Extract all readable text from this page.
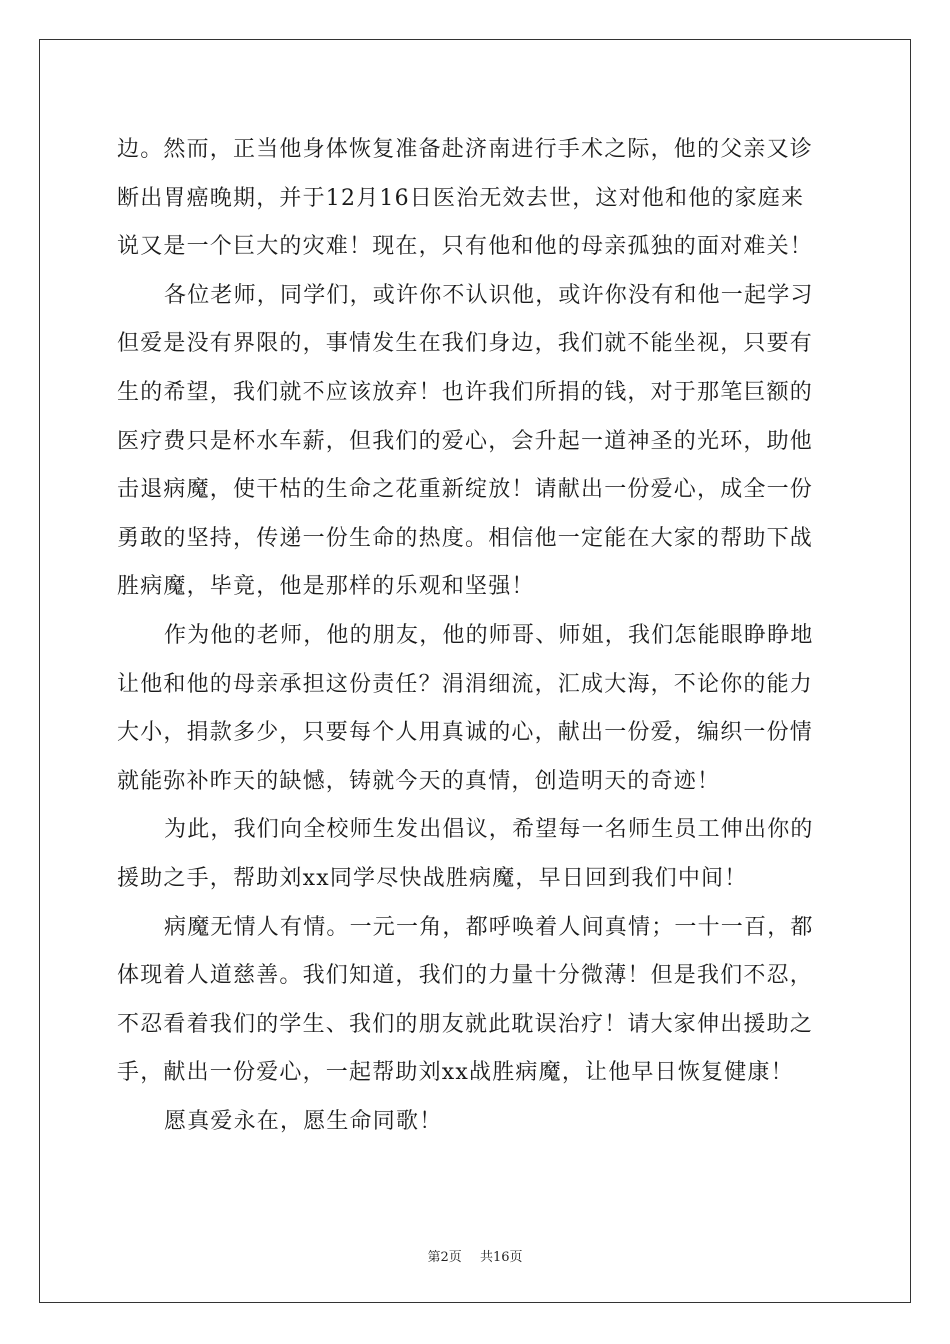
边。然而，正当他身体恢复准备赴济南进行手术之际，他的父亲又诊
断出胃癌晚期，并于12月16日医治无效去世，这对他和他的家庭来
说又是一个巨大的灾难！现在，只有他和他的母亲孤独的面对难关！
各位老师，同学们，或许你不认识他，或许你没有和他一起学习
但爱是没有界限的，事情发生在我们身边，我们就不能坐视，只要有
生的希望，我们就不应该放弃！也许我们所捐的钱，对于那笔巨额的
医疗费只是杯水车薪，但我们的爱心，会升起一道神圣的光环，助他
击退病魔，使干枯的生命之花重新绽放！请献出一份爱心，成全一份
勇敢的坚持，传递一份生命的热度。相信他一定能在大家的帮助下战
胜病魔，毕竟，他是那样的乐观和坚强！
作为他的老师，他的朋友，他的师哥、师姐，我们怎能眼睁睁地
让他和他的母亲承担这份责任？涓涓细流，汇成大海，不论你的能力
大小，捐款多少，只要每个人用真诚的心，献出一份爱，编织一份情
就能弥补昨天的缺憾，铸就今天的真情，创造明天的奇迹！
为此，我们向全校师生发出倡议，希望每一名师生员工伸出你的
援助之手，帮助刘xx同学尽快战胜病魔，早日回到我们中间！
病魔无情人有情。一元一角，都呼唤着人间真情；一十一百，都
体现着人道慈善。我们知道，我们的力量十分微薄！但是我们不忍，
不忍看着我们的学生、我们的朋友就此耽误治疗！请大家伸出援助之
手，献出一份爱心，一起帮助刘xx战胜病魔，让他早日恢复健康！
愿真爱永在，愿生命同歌！
第2页 共16页
